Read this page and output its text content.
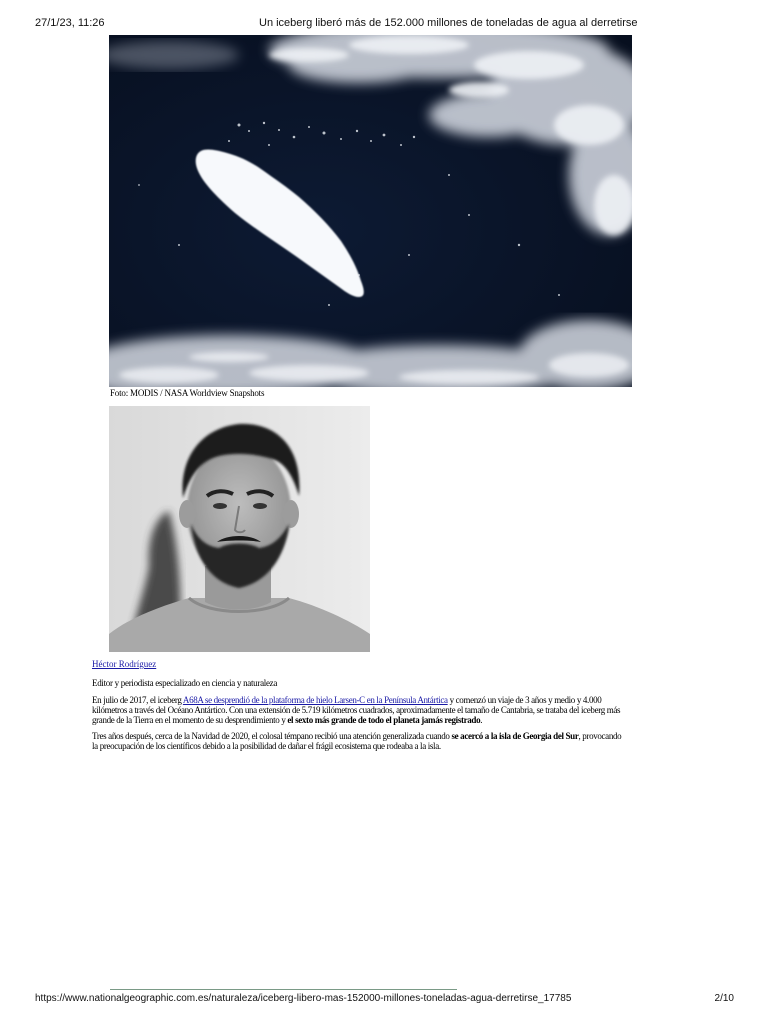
27/1/23, 11:26	Un iceberg liberó más de 152.000 millones de toneladas de agua al derretirse
Foto: MODIS / NASA Worldview Snapshots
Héctor Rodríguez
Editor y periodista especializado en ciencia y naturaleza
En julio de 2017, el iceberg A68A se desprendió de la plataforma de hielo Larsen-C en la Península Antártica y comenzó un viaje de 3 años y medio y 4.000 kilómetros a través del Océano Antártico. Con una extensión de 5.719 kilómetros cuadrados, aproximadamente el tamaño de Cantabria, se trataba del iceberg más grande de la Tierra en el momento de su desprendimiento y el sexto más grande de todo el planeta jamás registrado.
Tres años después, cerca de la Navidad de 2020, el colosal témpano recibió una atención generalizada cuando se acercó a la isla de Georgia del Sur, provocando la preocupación de los científicos debido a la posibilidad de dañar el frágil ecosistema que rodeaba a la isla.
https://www.nationalgeographic.com.es/naturaleza/iceberg-libero-mas-152000-millones-toneladas-agua-derretirse_17785	2/10
